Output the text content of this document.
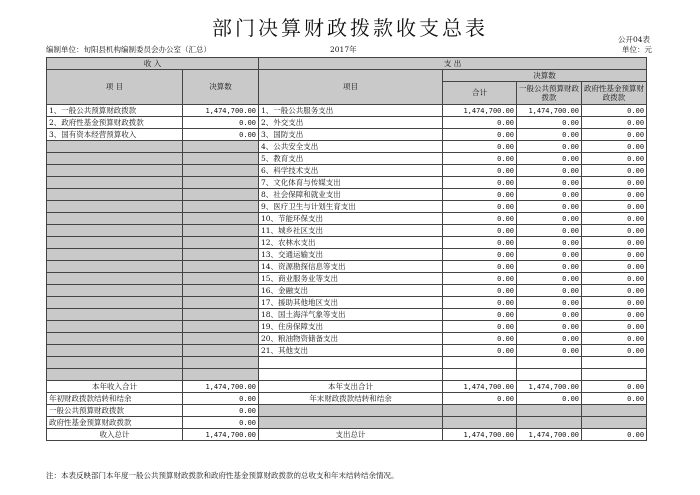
部门决算财政拨款收支总表	公开04表
编制单位：旬阳县机构编制委员会办公室（汇总）	2017年	单位：元
收 入		支 出			
项 目	决算数	项目	决算数		
			合计	一般公共预算财政拨款	政府性基金预算财政拨款
1、一般公共预算财政拨款	1,474,700.00	1、一般公共服务支出	1,474,700.00	1,474,700.00	0.00
2、政府性基金预算财政拨款	0.00	2、外交支出	0.00	0.00	0.00
3、国有资本经营预算收入	0.00	3、国防支出	0.00	0.00	0.00
		4、公共安全支出	0.00	0.00	0.00
		5、教育支出	0.00	0.00	0.00
		6、科学技术支出	0.00	0.00	0.00
		7、文化体育与传媒支出	0.00	0.00	0.00
		8、社会保障和就业支出	0.00	0.00	0.00
		9、医疗卫生与计划生育支出	0.00	0.00	0.00
		10、节能环保支出	0.00	0.00	0.00
		11、城乡社区支出	0.00	0.00	0.00
		12、农林水支出	0.00	0.00	0.00
		13、交通运输支出	0.00	0.00	0.00
		14、资源勘探信息等支出	0.00	0.00	0.00
		15、商业服务业等支出	0.00	0.00	0.00
		16、金融支出	0.00	0.00	0.00
		17、援助其他地区支出	0.00	0.00	0.00
		18、国土海洋气象等支出	0.00	0.00	0.00
		19、住房保障支出	0.00	0.00	0.00
		20、粮油物资储备支出	0.00	0.00	0.00
		21、其他支出	0.00	0.00	0.00

本年收入合计	1,474,700.00	本年支出合计	1,474,700.00	1,474,700.00	0.00
年初财政拨款结转和结余	0.00	年末财政拨款结转和结余	0.00	0.00	0.00
一般公共预算财政拨款	0.00				
政府性基金预算财政拨款	0.00				
收入总计	1,474,700.00	支出总计	1,474,700.00	1,474,700.00	0.00
注：本表反映部门本年度一般公共预算财政拨款和政府性基金预算财政拨款的总收支和年末结转结余情况。
